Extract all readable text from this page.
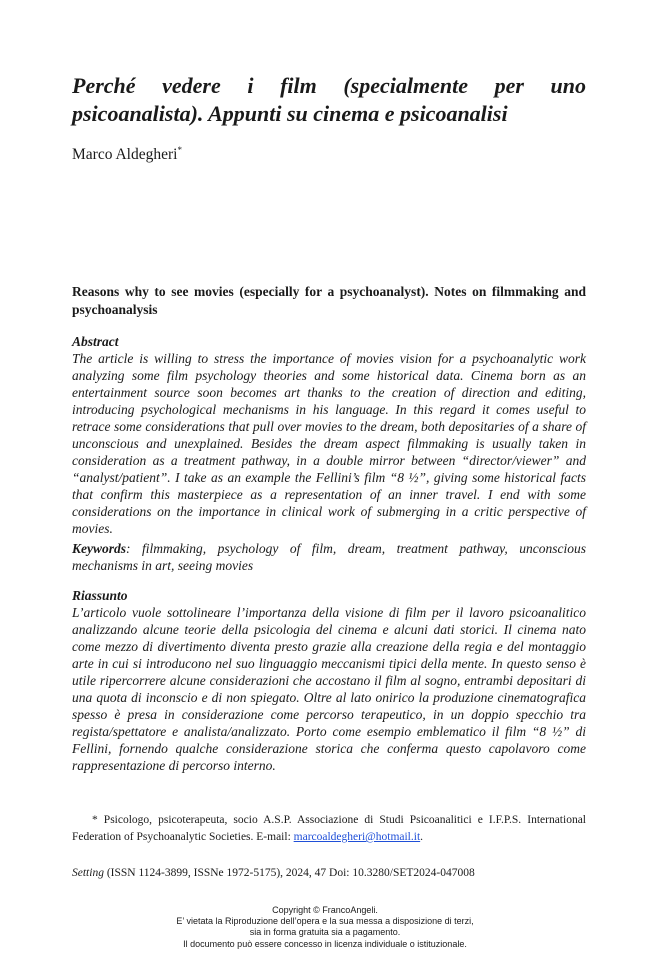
Perché vedere i film (specialmente per uno psicoanalista). Appunti su cinema e psicoanalisi

Marco Aldegheri*

Reasons why to see movies (especially for a psychoanalyst). Notes on filmmaking and psychoanalysis
Abstract

The article is willing to stress the importance of movies vision for a psychoanalytic work analyzing some film psychology theories and some historical data. Cinema born as an entertainment source soon becomes art thanks to the creation of direction and editing, introducing psychological mechanisms in his language. In this regard it comes useful to retrace some considerations that pull over movies to the dream, both depositaries of a share of unconscious and unexplained. Besides the dream aspect filmmaking is usually taken in consideration as a treatment pathway, in a double mirror between “director/viewer” and “analyst/patient”. I take as an example the Fellini’s film “8 ½”, giving some historical facts that confirm this masterpiece as a representation of an inner travel. I end with some considerations on the importance in clinical work of submerging in a critic perspective of movies.

Keywords: filmmaking, psychology of film, dream, treatment pathway, unconscious mechanisms in art, seeing movies

Riassunto

L’articolo vuole sottolineare l’importanza della visione di film per il lavoro psicoanalitico analizzando alcune teorie della psicologia del cinema e alcuni dati storici. Il cinema nato come mezzo di divertimento diventa presto grazie alla creazione della regia e del montaggio arte in cui si introducono nel suo linguaggio meccanismi tipici della mente. In questo senso è utile ripercorrere alcune considerazioni che accostano il film al sogno, entrambi depositari di una quota di inconscio e di non spiegato. Oltre al lato onirico la produzione cinematografica spesso è presa in considerazione come percorso terapeutico, in un doppio specchio tra regista/spettatore e analista/analizzato. Porto come esempio emblematico il film “8 ½” di Fellini, fornendo qualche considerazione storica che conferma questo capolavoro come rappresentazione di percorso interno.

* Psicologo, psicoterapeuta, socio A.S.P. Associazione di Studi Psicoanalitici e I.F.P.S. International Federation of Psychoanalytic Societies. E-mail: marcoaldegheri@hotmail.it.

Setting (ISSN 1124-3899, ISSNe 1972-5175), 2024, 47 Doi: 10.3280/SET2024-047008

Copyright © FrancoAngeli.
E’ vietata la Riproduzione dell’opera e la sua messa a disposizione di terzi,
sia in forma gratuita sia a pagamento.
Il documento può essere concesso in licenza individuale o istituzionale.
